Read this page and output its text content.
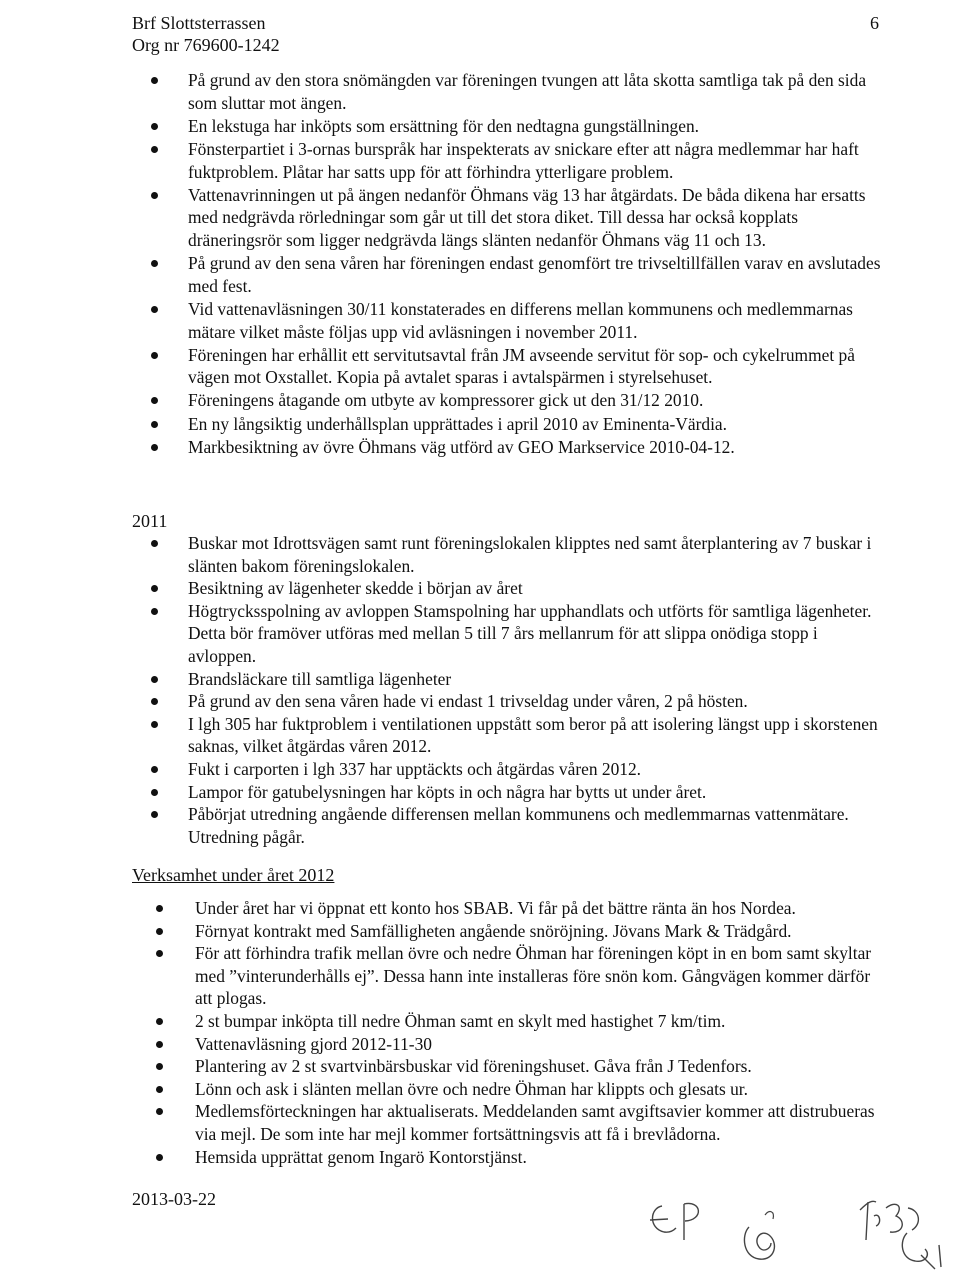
Brf Slottsterrassen
Org nr 769600-1242
6
På grund av den stora snömängden var föreningen tvungen att låta skotta samtliga tak på den sida som sluttar mot ängen.
En lekstuga har inköpts som ersättning för den nedtagna gungställningen.
Fönsterpartiet i 3-ornas burspråk har inspekterats av snickare efter att några medlemmar har haft fuktproblem. Plåtar har satts upp för att förhindra ytterligare problem.
Vattenavrinningen ut på ängen nedanför Öhmans väg 13 har åtgärdats. De båda dikena har ersatts med nedgrävda rörledningar som går ut till det stora diket. Till dessa har också kopplats dräneringsrör som ligger nedgrävda längs slänten nedanför Öhmans väg 11 och 13.
På grund av den sena våren har föreningen endast genomfört tre trivseltillfällen varav en avslutades med fest.
Vid vattenavläsningen 30/11 konstaterades en differens mellan kommunens och medlemmarnas mätare vilket måste följas upp vid avläsningen i november 2011.
Föreningen har erhållit ett servitutsavtal från JM avseende servitut för sop- och cykelrummet på vägen mot Oxstallet. Kopia på avtalet sparas i avtalspärmen i styrelsehuset.
Föreningens åtagande om utbyte av kompressorer gick ut den 31/12 2010.
En ny långsiktig underhållsplan upprättades i april 2010 av Eminenta-Värdia.
Markbesiktning av övre Öhmans väg utförd av GEO Markservice 2010-04-12.
2011
Buskar mot Idrottsvägen samt runt föreningslokalen klipptes ned samt återplantering av 7 buskar i slänten bakom föreningslokalen.
Besiktning av lägenheter skedde i början av året
Högtrycksspolning av avloppen Stamspolning har upphandlats och utförts för samtliga lägenheter. Detta bör framöver utföras med mellan 5 till 7 års mellanrum för att slippa onödiga stopp i avloppen.
Brandsläckare till samtliga lägenheter
På grund av den sena våren hade vi endast 1 trivseldag under våren, 2 på hösten.
I lgh 305 har fuktproblem i ventilationen uppstått som beror på att isolering längst upp i skorstenen saknas, vilket åtgärdas våren 2012.
Fukt i carporten i lgh 337 har upptäckts och åtgärdas våren 2012.
Lampor för gatubelysningen har köpts in och några har bytts ut under året.
Påbörjat utredning angående differensen mellan kommunens och medlemmarnas vattenmätare. Utredning pågår.
Verksamhet under året 2012
Under året har vi öppnat ett konto hos SBAB. Vi får på det bättre ränta än hos Nordea.
Förnyat kontrakt med Samfälligheten angående snöröjning. Jövans Mark & Trädgård.
För att förhindra trafik mellan övre och nedre Öhman har föreningen köpt in en bom samt skyltar med ”vinterunderhålls ej”. Dessa hann inte installeras före snön kom. Gångvägen kommer därför att plogas.
2 st bumpar inköpta till nedre Öhman samt en skylt med hastighet 7 km/tim.
Vattenavläsning gjord 2012-11-30
Plantering av 2 st svartvinbärsbuskar vid föreningshuset. Gåva från J Tedenfors.
Lönn och ask i slänten mellan övre och nedre Öhman har klippts och glesats ur.
Medlemsförteckningen har aktualiserats. Meddelanden samt avgiftsavier kommer att distrubueras via mejl. De som inte har mejl kommer fortsättningsvis att få i brevlådorna.
Hemsida upprättat genom Ingarö Kontorstjänst.
2013-03-22
